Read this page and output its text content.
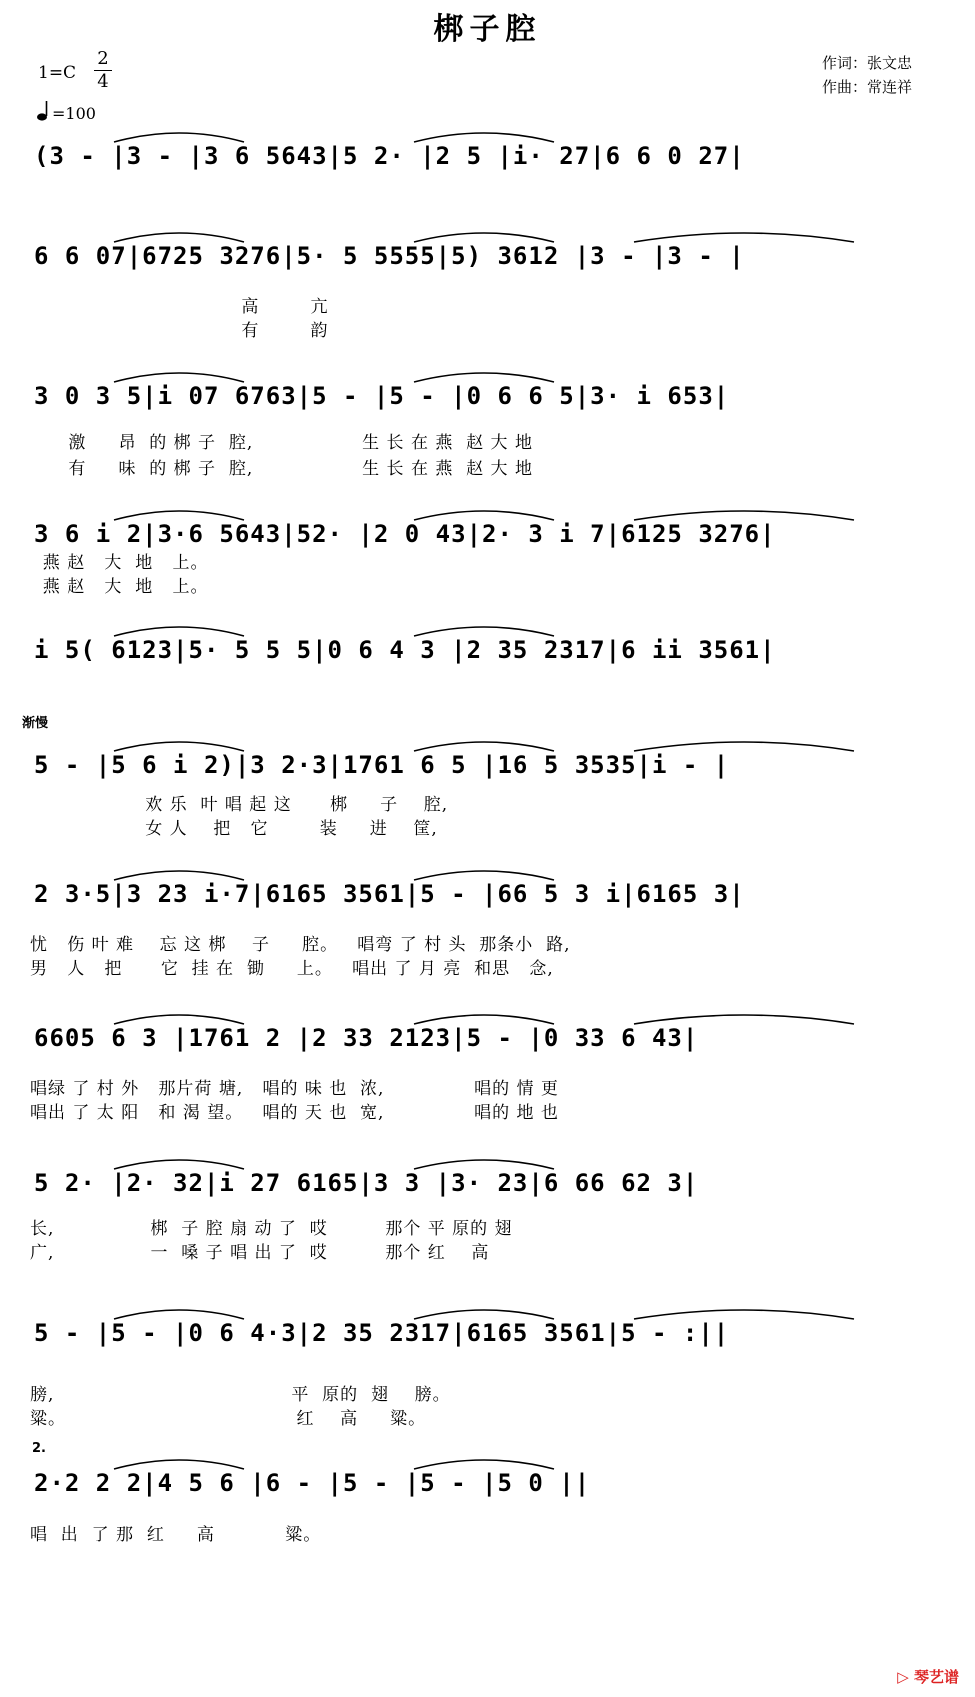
梆子腔
1=C
2
4
=100
作词：张文忠
作曲：常连祥
渐慢
2.
(3 - |3 - |3 6 5643|5 2· |2 5 |i· 27|6 6 0 27|
6 6 07|6725 3276|5· 5 5555|5) 3612 |3 - |3 - |
高        亢
有        韵
3 0 3 5|i 07 6763|5 - |5 - |0 6 6 5|3· i 653|
激     昂  的 梆 子  腔,                 生 长 在 燕  赵 大 地
有     味  的 梆 子  腔,                 生 长 在 燕  赵 大 地
3 6 i 2|3·6 5643|52· |2 0 43|2· 3 i 7|6125 3276|
燕 赵   大  地   上。
燕 赵   大  地   上。
i 5( 6123|5· 5 5 5|0 6 4 3 |2 35 2317|6 ii 3561|
5 - |5 6 i 2)|3 2·3|1761 6 5 |16 5 3535|i - |
欢 乐  叶 唱 起 这      梆     子    腔,
女 人    把   它        装     进    筐,
2 3·5|3 23 i·7|6165 3561|5 - |66 5 3 i|6165 3|
忧   伤 叶 难    忘 这 梆    子     腔。   唱弯 了 村 头  那条小  路,
男   人   把      它  挂 在  锄     上。   唱出 了 月 亮  和思   念,
6605 6 3 |1761 2 |2 33 2123|5 - |0 33 6 43|
唱绿 了 村 外   那片荷 塘,   唱的 味 也  浓,              唱的 情 更
唱出 了 太 阳   和 渴 望。   唱的 天 也  宽,              唱的 地 也
5 2· |2· 32|i 27 6165|3 3 |3· 23|6 66 62 3|
长,               梆  子 腔 扇 动 了  哎         那个 平 原的 翅
广,               一  嗓 子 唱 出 了  哎         那个 红    高
5 - |5 - |0 6 4·3|2 35 2317|6165 3561|5 - :||
膀,                                     平  原的  翅    膀。
粱。                                    红    高     粱。
2·2 2 2|4 5 6 |6 - |5 - |5 - |5 0 ||
唱  出  了 那  红     高           粱。
▷ 琴艺谱
